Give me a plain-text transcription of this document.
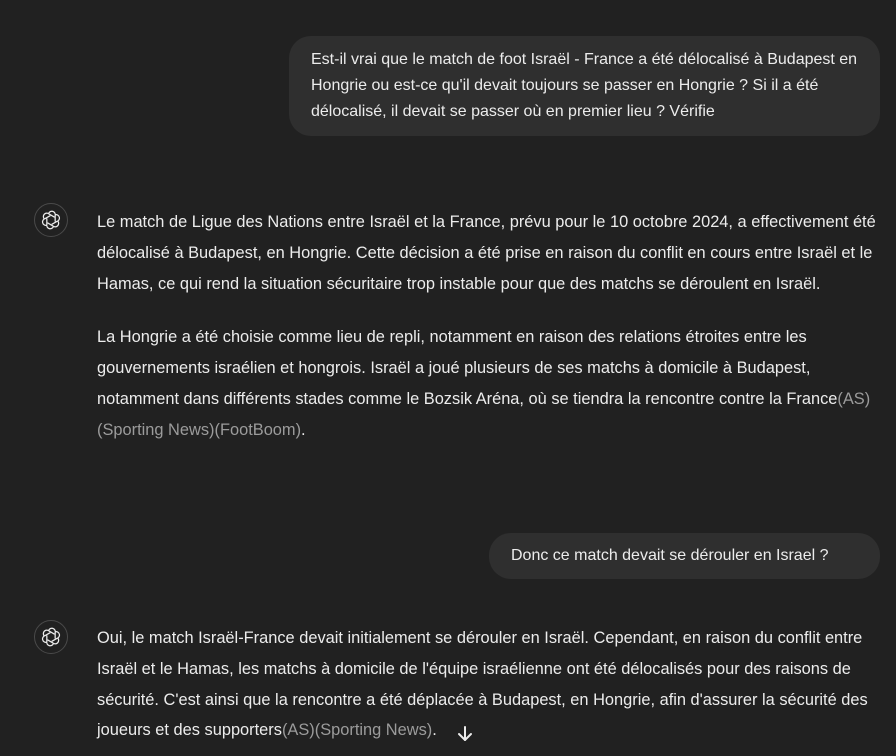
Est-il vrai que le match de foot Israël - France a été délocalisé à Budapest en Hongrie ou est-ce qu'il devait toujours se passer en Hongrie ? Si il a été délocalisé, il devait se passer où en premier lieu ? Vérifie

Le match de Ligue des Nations entre Israël et la France, prévu pour le 10 octobre 2024, a effectivement été délocalisé à Budapest, en Hongrie. Cette décision a été prise en raison du conflit en cours entre Israël et le Hamas, ce qui rend la situation sécuritaire trop instable pour que des matchs se déroulent en Israël.

La Hongrie a été choisie comme lieu de repli, notamment en raison des relations étroites entre les gouvernements israélien et hongrois. Israël a joué plusieurs de ses matchs à domicile à Budapest, notamment dans différents stades comme le Bozsik Aréna, où se tiendra la rencontre contre la France(AS)(Sporting News)(FootBoom).

Donc ce match devait se dérouler en Israel ?

Oui, le match Israël-France devait initialement se dérouler en Israël. Cependant, en raison du conflit entre Israël et le Hamas, les matchs à domicile de l'équipe israélienne ont été délocalisés pour des raisons de sécurité. C'est ainsi que la rencontre a été déplacée à Budapest, en Hongrie, afin d'assurer la sécurité des joueurs et des supporters(AS)(Sporting News).
